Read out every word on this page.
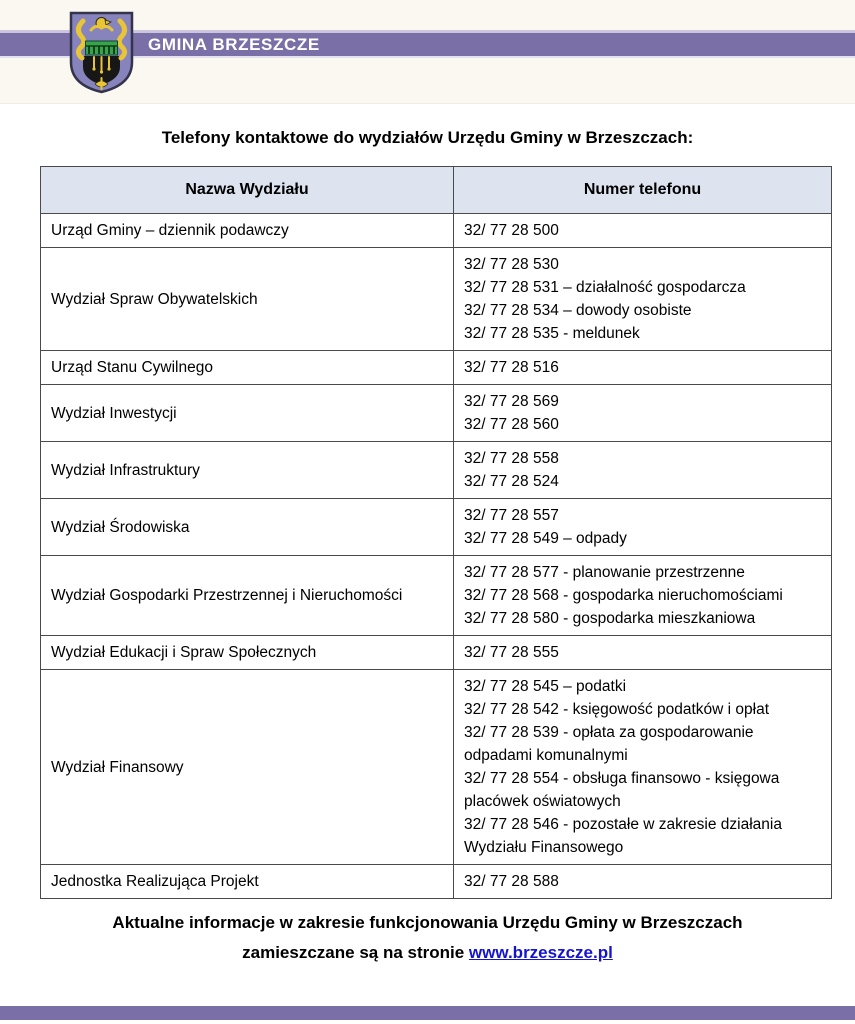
GMINA BRZESZCZE
Telefony kontaktowe do wydziałów Urzędu Gminy w Brzeszczach:
Nazwa Wydziału	Numer telefonu
Urząd Gminy – dziennik podawczy	32/ 77 28 500

Wydział Spraw Obywatelskich	32/ 77 28 530
32/ 77 28 531 – działalność gospodarcza
32/ 77 28 534 – dowody osobiste
32/ 77 28 535 - meldunek

Urząd Stanu Cywilnego	32/ 77 28 516

Wydział Inwestycji	32/ 77 28 569
32/ 77 28 560

Wydział Infrastruktury	32/ 77 28 558
32/ 77 28 524

Wydział Środowiska	32/ 77 28 557
32/ 77 28 549 – odpady

Wydział Gospodarki Przestrzennej i Nieruchomości	32/ 77 28 577 - planowanie przestrzenne
32/ 77 28 568 - gospodarka nieruchomościami
32/ 77 28 580 - gospodarka mieszkaniowa

Wydział Edukacji i Spraw Społecznych	32/ 77 28 555

Wydział Finansowy	32/ 77 28 545 – podatki
32/ 77 28 542 - księgowość podatków i opłat
32/ 77 28 539 - opłata za gospodarowanie odpadami komunalnymi
32/ 77 28 554 - obsługa finansowo - księgowa placówek oświatowych
32/ 77 28 546 - pozostałe w zakresie działania Wydziału Finansowego

Jednostka Realizująca Projekt	32/ 77 28 588
Aktualne informacje w zakresie funkcjonowania Urzędu Gminy w Brzeszczach
zamieszczane są na stronie www.brzeszcze.pl
